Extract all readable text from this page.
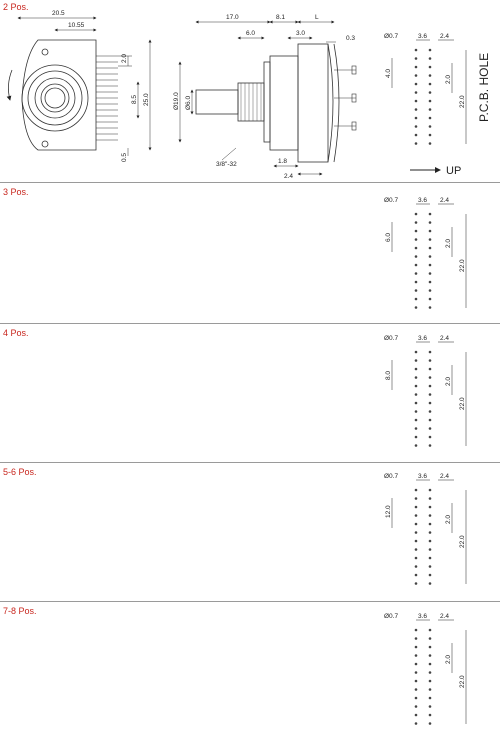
2 Pos.
3 Pos.
4 Pos.
5-6 Pos.
7-8 Pos.
20.5
10.55
2.0
8.5 25.0
0.5
17.0	8.1	L
6.0	3.0
0.3
Ø19.0 Ø6.0
3/8"-32	1.8
2.4
P.C.B. HOLE
UP
Ø0.7	3.6 2.4
2.0
22.0
4.0
Ø0.7	3.6 2.4
2.0
22.0
6.0
Ø0.7	3.6 2.4
2.0
22.0
8.0
Ø0.7	3.6 2.4
2.0
22.0
12.0
Ø0.7	3.6 2.4
2.0
22.0
